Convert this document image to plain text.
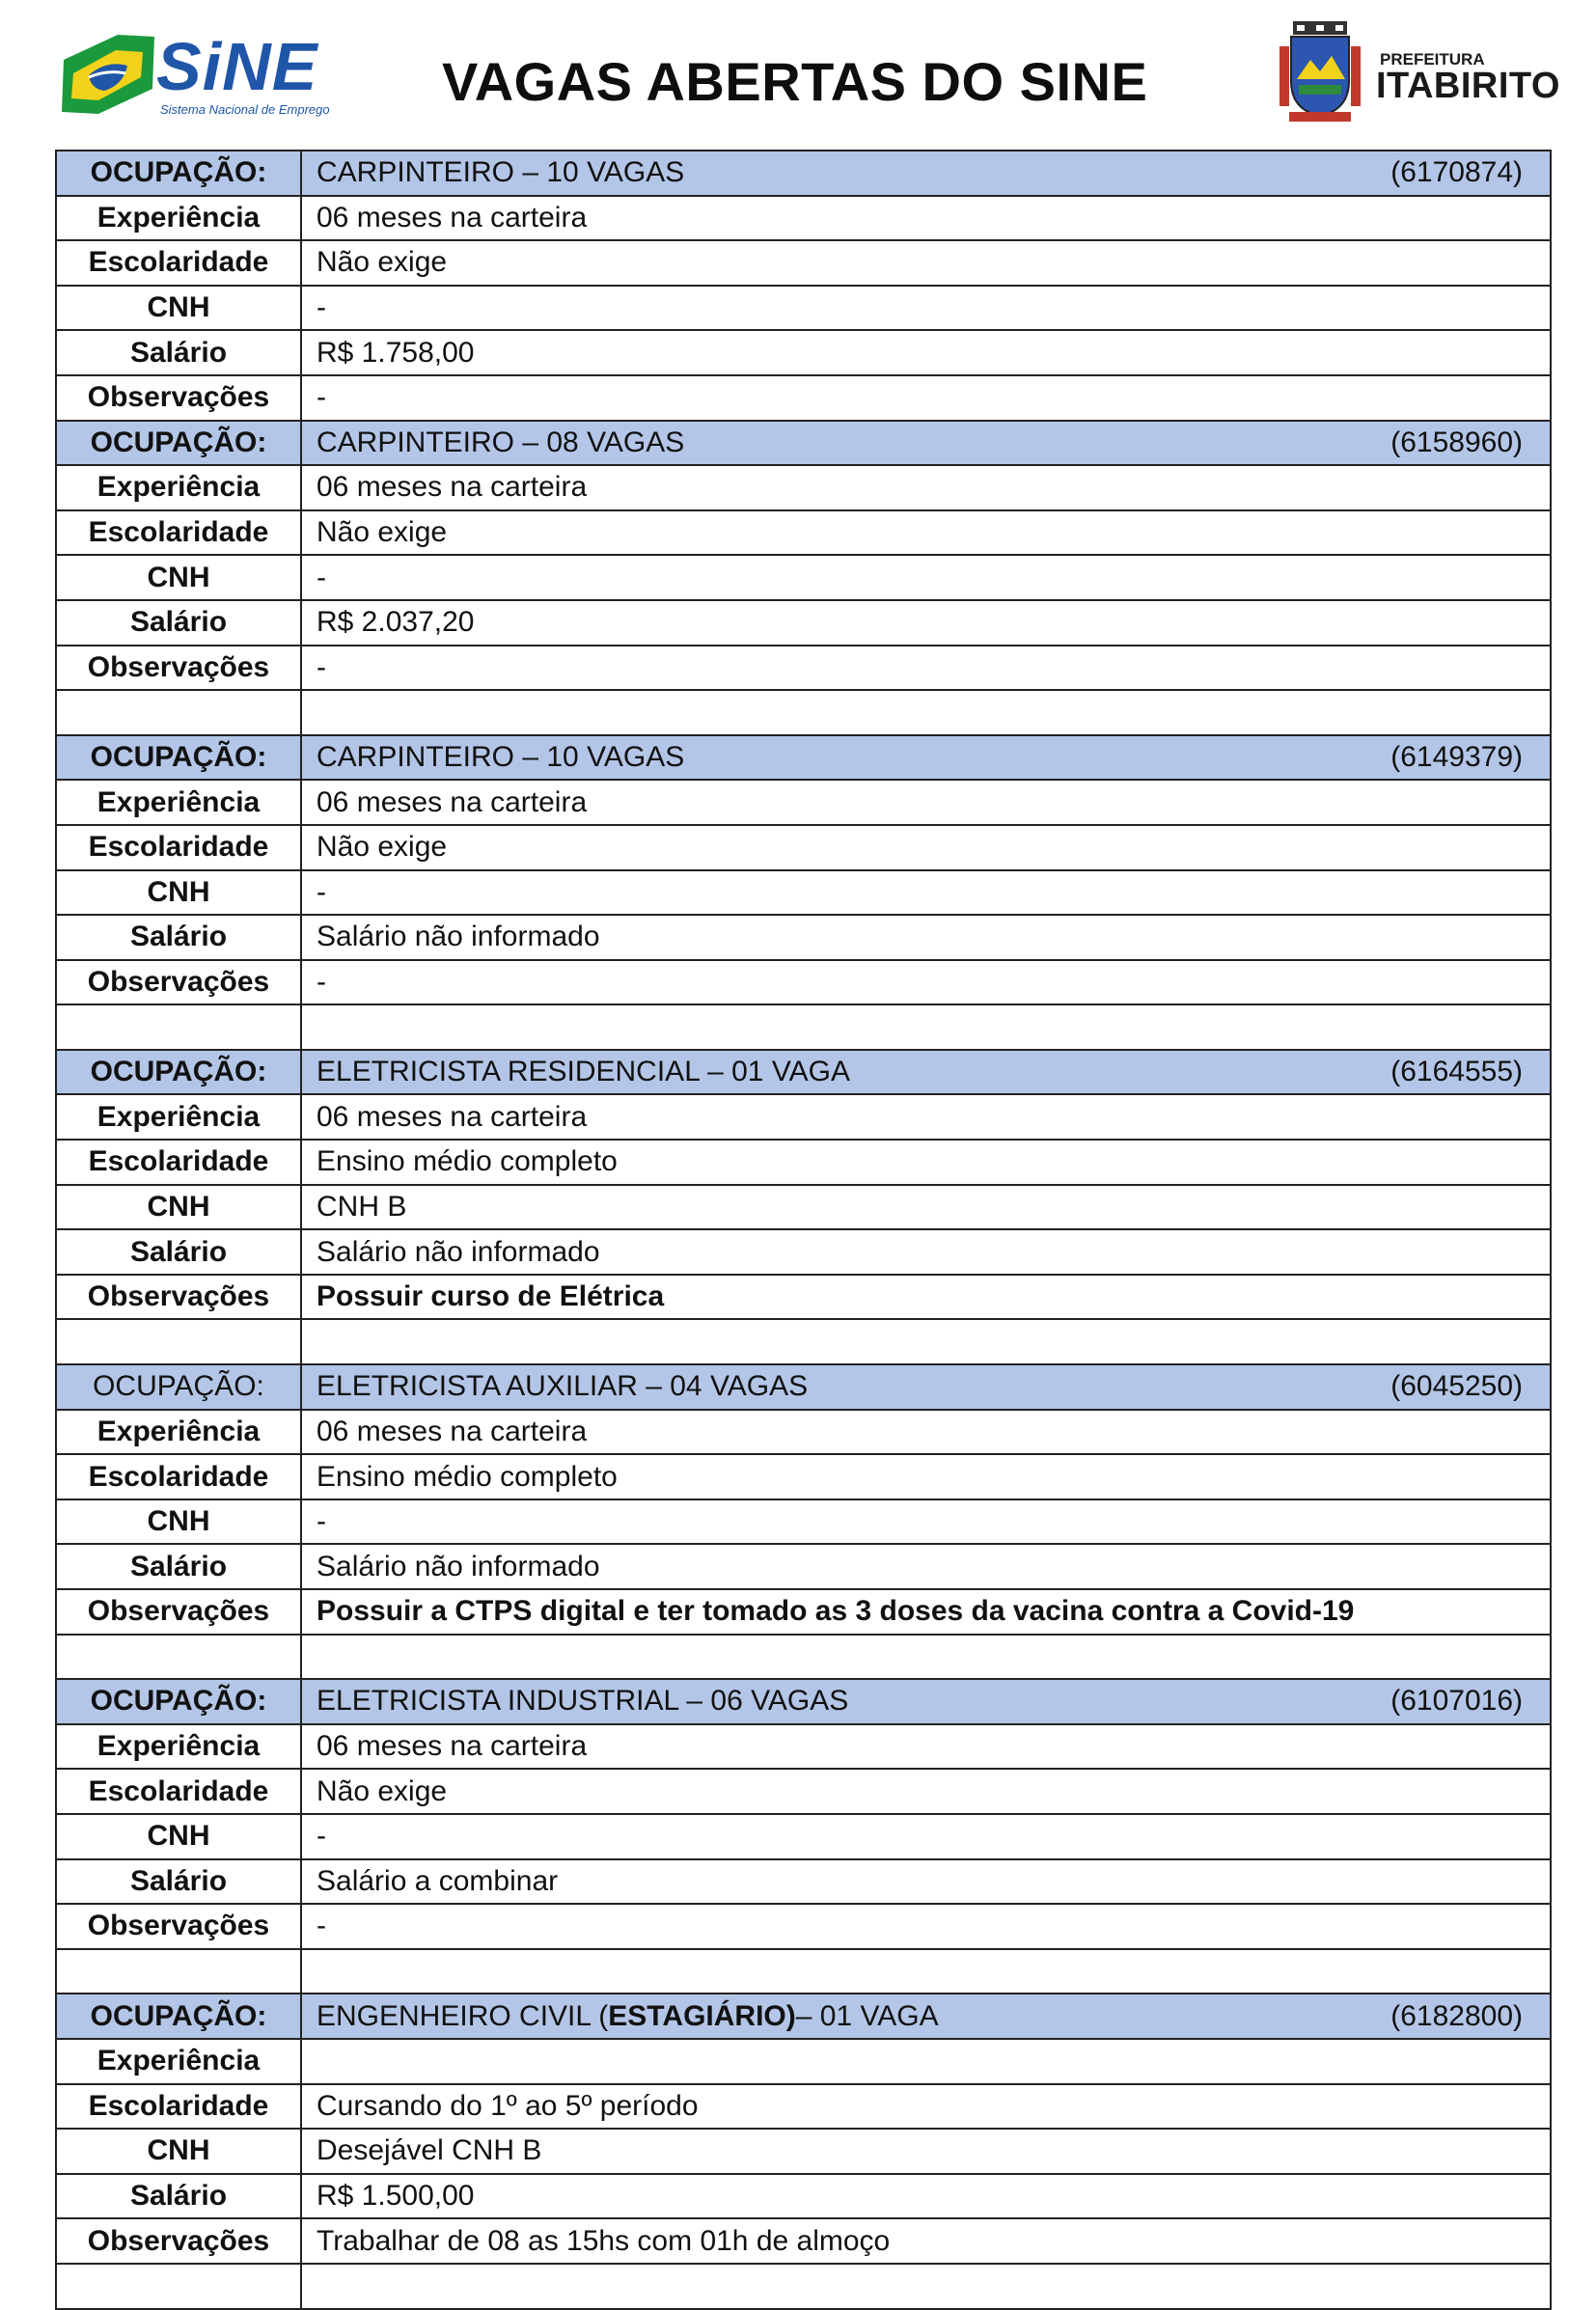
SiNE
Sistema Nacional de Emprego VAGAS ABERTAS DO SINE	PREFEITURA
ITABIRITO
OCUPAÇÃO:	CARPINTEIRO – 10 VAGAS (6170874)

Experiência	06 meses na carteira
Escolaridade	Não exige
CNH	-
Salário	R$ 1.758,00
Observações	-
OCUPAÇÃO:	CARPINTEIRO – 08 VAGAS (6158960)

Experiência	06 meses na carteira
Escolaridade	Não exige
CNH	-
Salário	R$ 2.037,20
Observações	-

OCUPAÇÃO:	CARPINTEIRO – 10 VAGAS (6149379)

Experiência	06 meses na carteira
Escolaridade	Não exige
CNH	-
Salário	Salário não informado
Observações	-

OCUPAÇÃO:	ELETRICISTA RESIDENCIAL – 01 VAGA (6164555)

Experiência	06 meses na carteira
Escolaridade	Ensino médio completo
CNH	CNH B
Salário	Salário não informado
Observações	Possuir curso de Elétrica

OCUPAÇÃO:	ELETRICISTA AUXILIAR – 04 VAGAS (6045250)

Experiência	06 meses na carteira
Escolaridade	Ensino médio completo
CNH	-
Salário	Salário não informado
Observações	Possuir a CTPS digital e ter tomado as 3 doses da vacina contra a Covid-19

OCUPAÇÃO:	ELETRICISTA INDUSTRIAL – 06 VAGAS (6107016)

Experiência	06 meses na carteira
Escolaridade	Não exige
CNH	-
Salário	Salário a combinar
Observações	-

OCUPAÇÃO:	ENGENHEIRO CIVIL (ESTAGIÁRIO)– 01 VAGA (6182800)

Experiência	
Escolaridade	Cursando do 1º ao 5º período
CNH	Desejável CNH B
Salário	R$ 1.500,00
Observações	Trabalhar de 08 as 15hs com 01h de almoço
